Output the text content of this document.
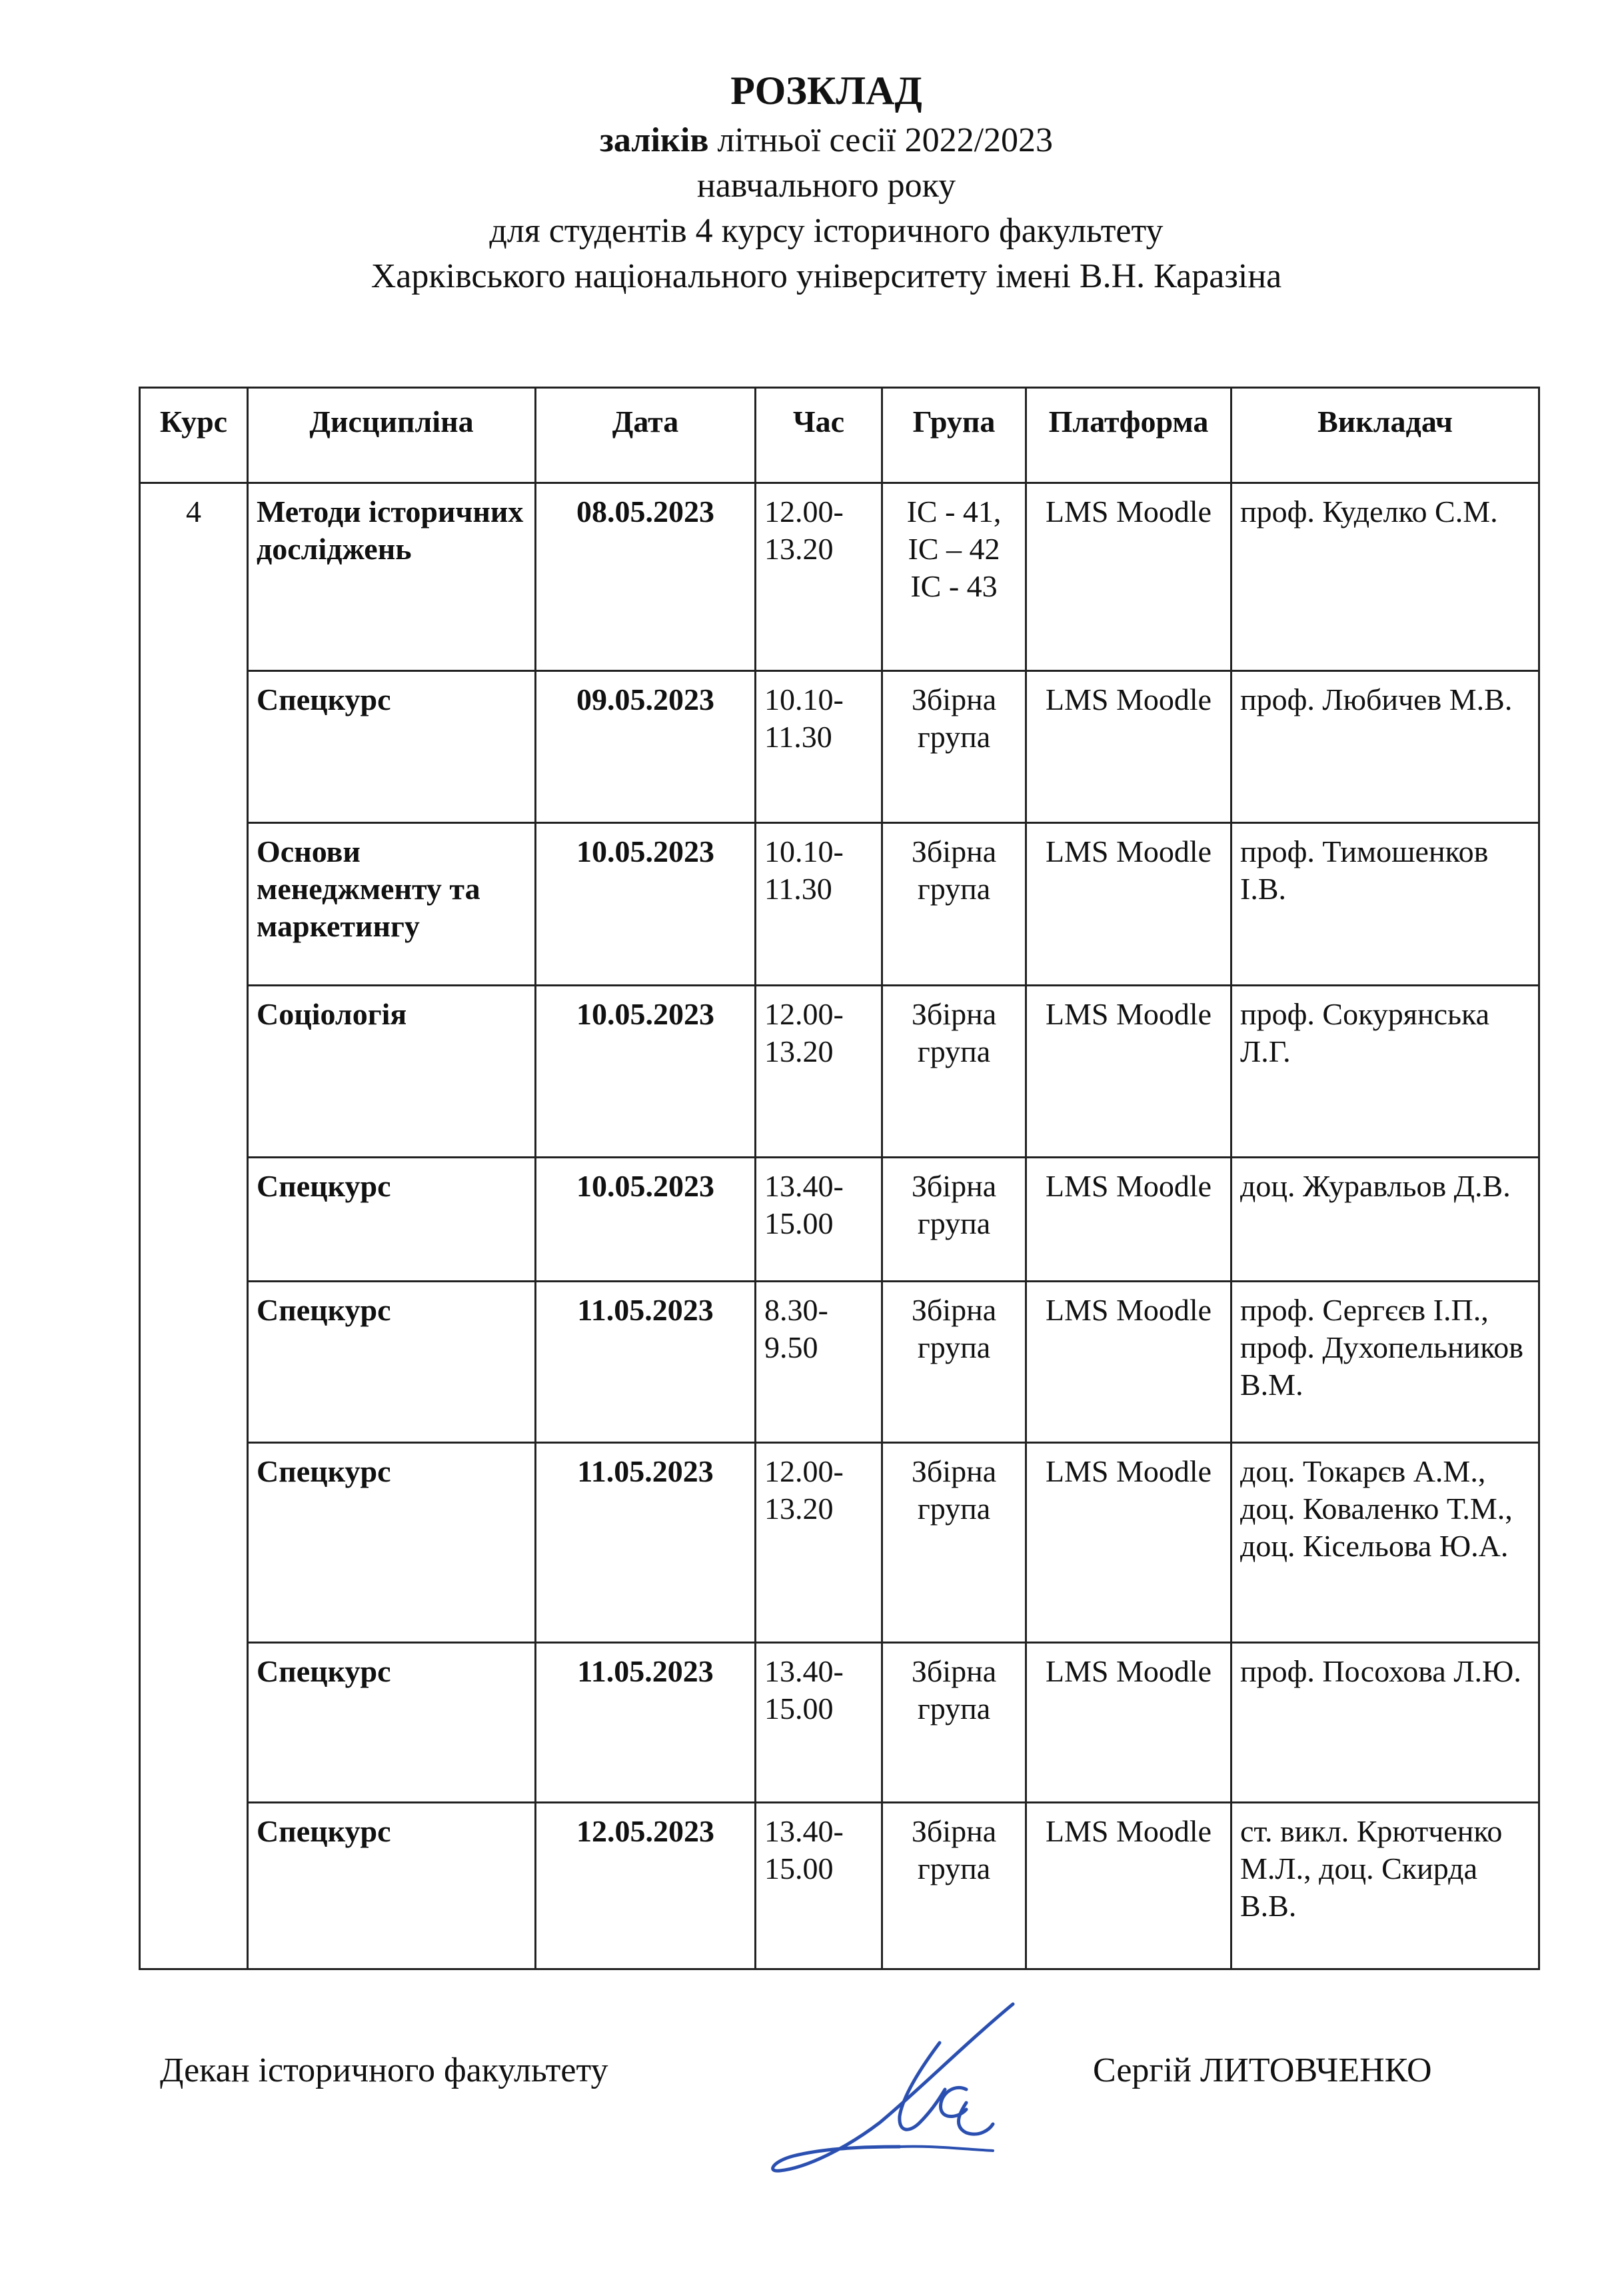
РОЗКЛАД
заліків літньої сесії 2022/2023
навчального року
для студентів 4 курсу історичного факультету
Харківського національного університету імені В.Н. Каразіна
Курс	Дисципліна	Дата	Час	Група	Платформа	Викладач
4	Методи історичних досліджень	08.05.2023	12.00-13.20	ІС - 41, ІС – 42 ІС - 43	LMS Moodle	проф. Куделко С.М.
	Спецкурс	09.05.2023	10.10-11.30	Збірна група	LMS Moodle	проф. Любичев М.В.
	Основи менеджменту та маркетингу	10.05.2023	10.10-11.30	Збірна група	LMS Moodle	проф. Тимошенков І.В.
	Соціологія	10.05.2023	12.00-13.20	Збірна група	LMS Moodle	проф. Сокурянська Л.Г.
	Спецкурс	10.05.2023	13.40-15.00	Збірна група	LMS Moodle	доц. Журавльов Д.В.
	Спецкурс	11.05.2023	8.30-9.50	Збірна група	LMS Moodle	проф. Сергєєв І.П., проф. Духопельников В.М.
	Спецкурс	11.05.2023	12.00-13.20	Збірна група	LMS Moodle	доц. Токарєв А.М., доц. Коваленко Т.М., доц. Кісельова Ю.А.
	Спецкурс	11.05.2023	13.40-15.00	Збірна група	LMS Moodle	проф. Посохова Л.Ю.
	Спецкурс	12.05.2023	13.40-15.00	Збірна група	LMS Moodle	ст. викл. Крютченко М.Л., доц. Скирда В.В.
Декан історичного факультету	Сергій ЛИТОВЧЕНКО
